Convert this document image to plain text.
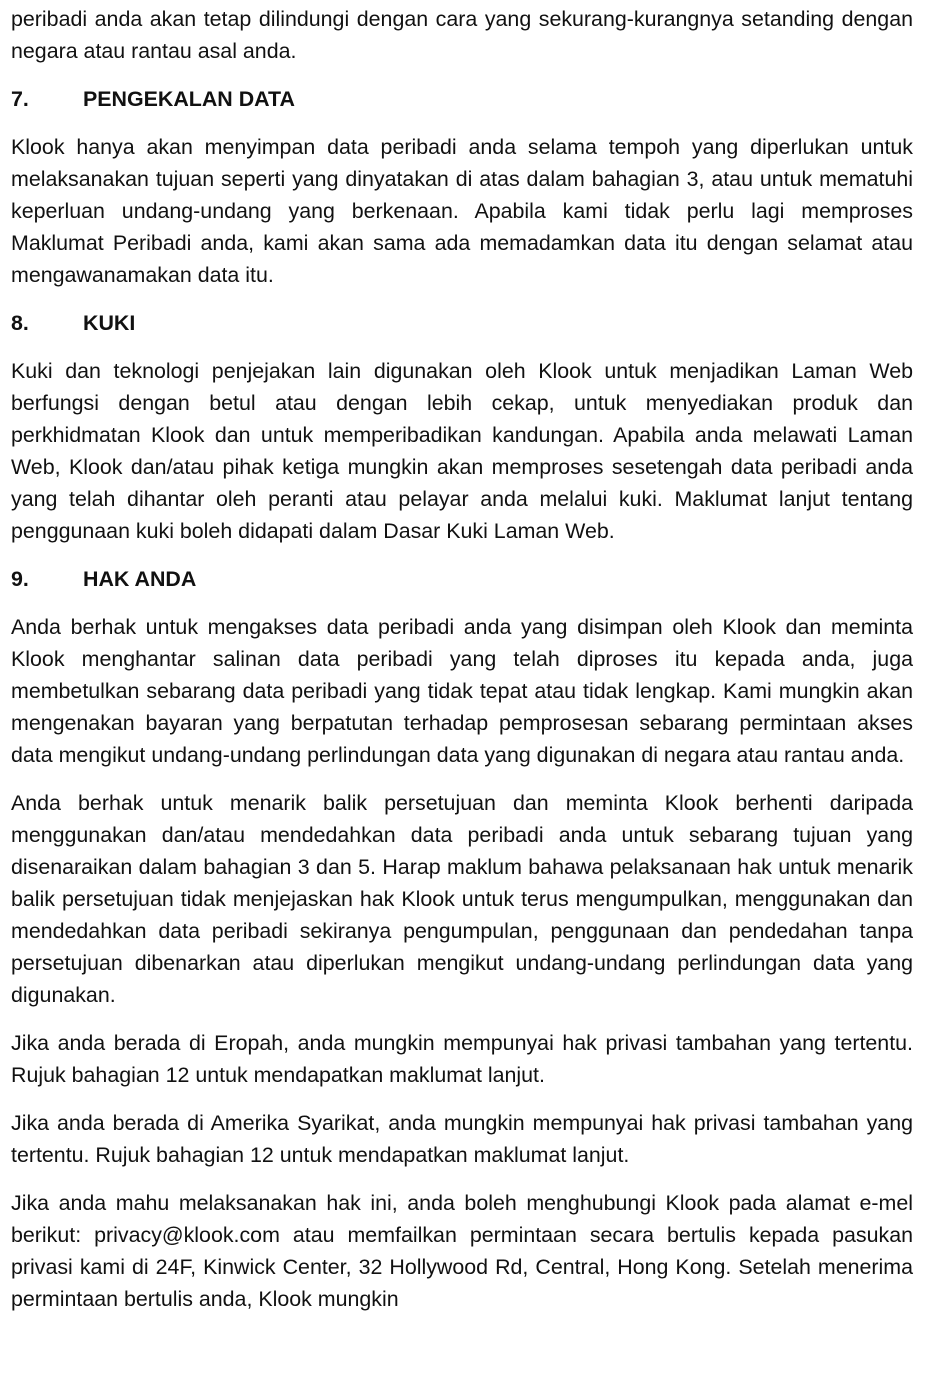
peribadi anda akan tetap dilindungi dengan cara yang sekurang-kurangnya setanding dengan negara atau rantau asal anda.

7.	PENGEKALAN DATA

Klook hanya akan menyimpan data peribadi anda selama tempoh yang diperlukan untuk melaksanakan tujuan seperti yang dinyatakan di atas dalam bahagian 3, atau untuk mematuhi keperluan undang-undang yang berkenaan. Apabila kami tidak perlu lagi memproses Maklumat Peribadi anda, kami akan sama ada memadamkan data itu dengan selamat atau mengawanamakan data itu.

8.	KUKI

Kuki dan teknologi penjejakan lain digunakan oleh Klook untuk menjadikan Laman Web berfungsi dengan betul atau dengan lebih cekap, untuk menyediakan produk dan perkhidmatan Klook dan untuk memperibadikan kandungan. Apabila anda melawati Laman Web, Klook dan/atau pihak ketiga mungkin akan memproses sesetengah data peribadi anda yang telah dihantar oleh peranti atau pelayar anda melalui kuki. Maklumat lanjut tentang penggunaan kuki boleh didapati dalam Dasar Kuki Laman Web.

9.	HAK ANDA

Anda berhak untuk mengakses data peribadi anda yang disimpan oleh Klook dan meminta Klook menghantar salinan data peribadi yang telah diproses itu kepada anda, juga membetulkan sebarang data peribadi yang tidak tepat atau tidak lengkap. Kami mungkin akan mengenakan bayaran yang berpatutan terhadap pemprosesan sebarang permintaan akses data mengikut undang-undang perlindungan data yang digunakan di negara atau rantau anda.

Anda berhak untuk menarik balik persetujuan dan meminta Klook berhenti daripada menggunakan dan/atau mendedahkan data peribadi anda untuk sebarang tujuan yang disenaraikan dalam bahagian 3 dan 5. Harap maklum bahawa pelaksanaan hak untuk menarik balik persetujuan tidak menjejaskan hak Klook untuk terus mengumpulkan, menggunakan dan mendedahkan data peribadi sekiranya pengumpulan, penggunaan dan pendedahan tanpa persetujuan dibenarkan atau diperlukan mengikut undang-undang perlindungan data yang digunakan.

Jika anda berada di Eropah, anda mungkin mempunyai hak privasi tambahan yang tertentu. Rujuk bahagian 12 untuk mendapatkan maklumat lanjut.

Jika anda berada di Amerika Syarikat, anda mungkin mempunyai hak privasi tambahan yang tertentu. Rujuk bahagian 12 untuk mendapatkan maklumat lanjut.

Jika anda mahu melaksanakan hak ini, anda boleh menghubungi Klook pada alamat e-mel berikut: privacy@klook.com atau memfailkan permintaan secara bertulis kepada pasukan privasi kami di 24F, Kinwick Center, 32 Hollywood Rd, Central, Hong Kong. Setelah menerima permintaan bertulis anda, Klook mungkin
